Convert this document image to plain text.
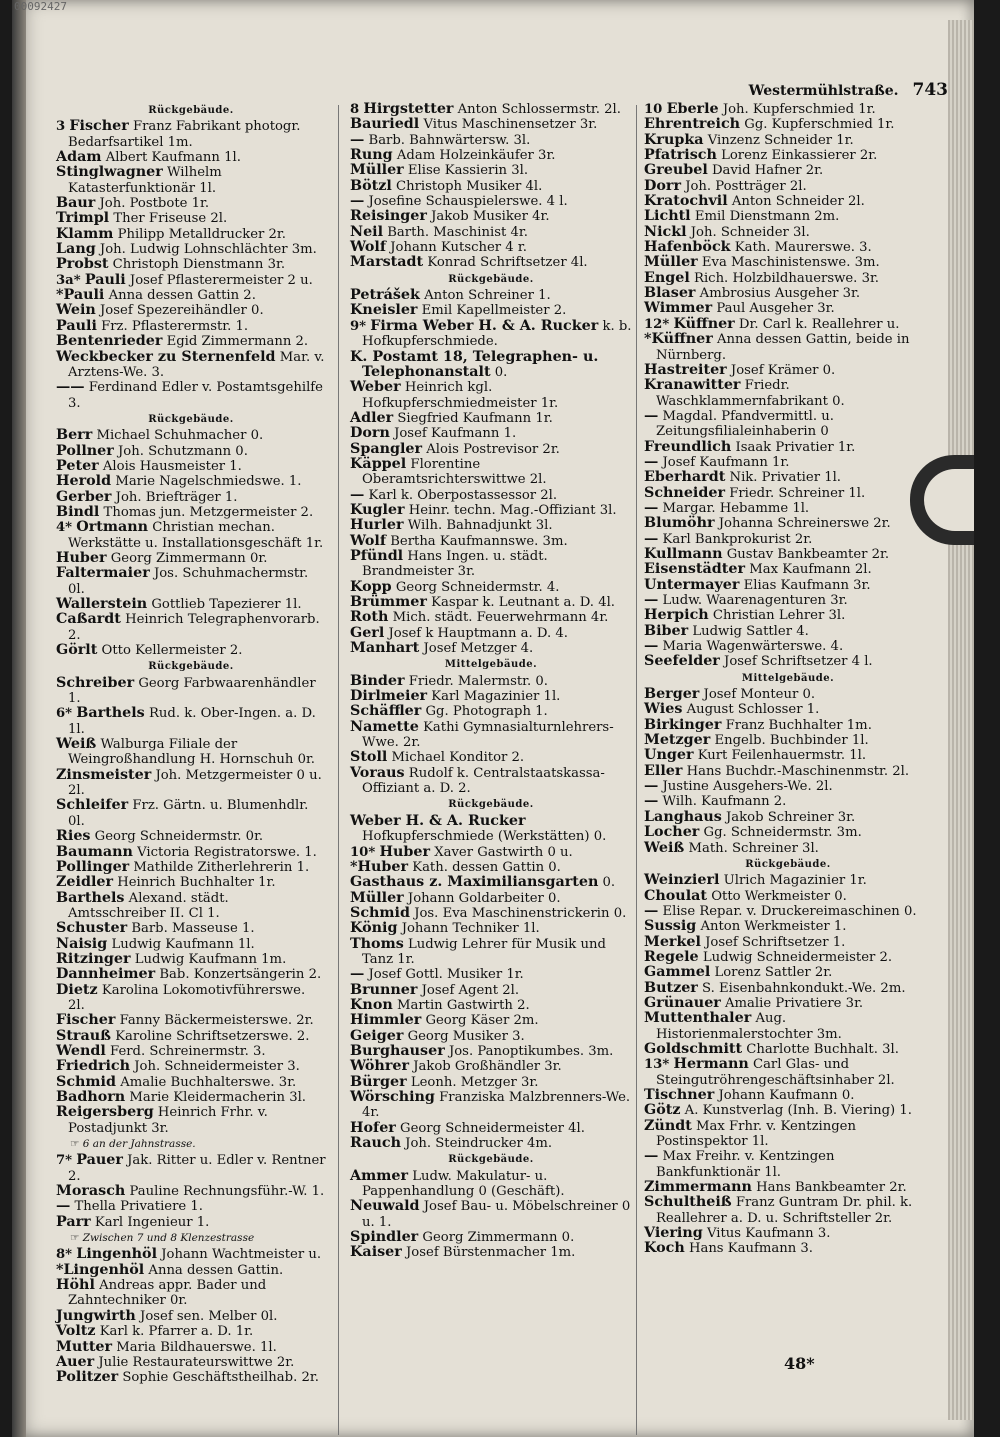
00092427
Westermühlstraße. 743
Rückgebäude.
3 Fischer Franz Fabrikant photogr. Bedarfsartikel 1m.
Adam Albert Kaufmann 1l.
Stinglwagner Wilhelm Katasterfunktionär 1l.
Baur Joh. Postbote 1r.
Trimpl Ther Friseuse 2l.
Klamm Philipp Metalldrucker 2r.
Lang Joh. Ludwig Lohnschlächter 3m.
Probst Christoph Dienstmann 3r.
3a* Pauli Josef Pflasterermeister 2 u.
*Pauli Anna dessen Gattin 2.
Wein Josef Spezereihändler 0.
Pauli Frz. Pflasterermstr. 1.
Bentenrieder Egid Zimmermann 2.
Weckbecker zu Sternenfeld Mar. v. Arztens-We. 3.
—— Ferdinand Edler v. Postamtsgehilfe 3.
Rückgebäude.
Berr Michael Schuhmacher 0.
Pollner Joh. Schutzmann 0.
Peter Alois Hausmeister 1.
Herold Marie Nagelschmiedswe. 1.
Gerber Joh. Briefträger 1.
Bindl Thomas jun. Metzgermeister 2.
4* Ortmann Christian mechan. Werkstätte u. Installationsgeschäft 1r.
Huber Georg Zimmermann 0r.
Faltermaier Jos. Schuhmachermstr. 0l.
Wallerstein Gottlieb Tapezierer 1l.
Caßardt Heinrich Telegraphenvorarb. 2.
Görlt Otto Kellermeister 2.
Rückgebäude.
Schreiber Georg Farbwaarenhändler 1.
6* Barthels Rud. k. Ober-Ingen. a. D. 1l.
Weiß Walburga Filiale der Weingroßhandlung H. Hornschuh 0r.
Zinsmeister Joh. Metzgermeister 0 u. 2l.
Schleifer Frz. Gärtn. u. Blumenhdlr. 0l.
Ries Georg Schneidermstr. 0r.
Baumann Victoria Registratorswe. 1.
Pollinger Mathilde Zitherlehrerin 1.
Zeidler Heinrich Buchhalter 1r.
Barthels Alexand. städt. Amtsschreiber II. Cl 1.
Schuster Barb. Masseuse 1.
Naisig Ludwig Kaufmann 1l.
Ritzinger Ludwig Kaufmann 1m.
Dannheimer Bab. Konzertsängerin 2.
Dietz Karolina Lokomotivführerswe. 2l.
Fischer Fanny Bäckermeisterswe. 2r.
Strauß Karoline Schriftsetzerswe. 2.
Wendl Ferd. Schreinermstr. 3.
Friedrich Joh. Schneidermeister 3.
Schmid Amalie Buchhalterswe. 3r.
Badhorn Marie Kleidermacherin 3l.
Reigersberg Heinrich Frhr. v. Postadjunkt 3r.
☞ 6 an der Jahnstrasse.
7* Pauer Jak. Ritter u. Edler v. Rentner 2.
Morasch Pauline Rechnungsführ.-W. 1.
— Thella Privatiere 1.
Parr Karl Ingenieur 1.
☞ Zwischen 7 und 8 Klenzestrasse
8* Lingenhöl Johann Wachtmeister u.
*Lingenhöl Anna dessen Gattin.
Höhl Andreas appr. Bader und Zahntechniker 0r.
Jungwirth Josef sen. Melber 0l.
Voltz Karl k. Pfarrer a. D. 1r.
Mutter Maria Bildhauerswe. 1l.
Auer Julie Restaurateurswittwe 2r.
Politzer Sophie Geschäftstheilhab. 2r.
8 Hirgstetter Anton Schlossermstr. 2l.
Bauriedl Vitus Maschinensetzer 3r.
— Barb. Bahnwärtersw. 3l.
Rung Adam Holzeinkäufer 3r.
Müller Elise Kassierin 3l.
Bötzl Christoph Musiker 4l.
— Josefine Schauspielerswe. 4 l.
Reisinger Jakob Musiker 4r.
Neil Barth. Maschinist 4r.
Wolf Johann Kutscher 4 r.
Marstadt Konrad Schriftsetzer 4l.
Rückgebäude.
Petrášek Anton Schreiner 1.
Kneisler Emil Kapellmeister 2.
9* Firma Weber H. & A. Rucker k. b. Hofkupferschmiede.
K. Postamt 18, Telegraphen- u. Telephonanstalt 0.
Weber Heinrich kgl. Hofkupferschmiedmeister 1r.
Adler Siegfried Kaufmann 1r.
Dorn Josef Kaufmann 1.
Spangler Alois Postrevisor 2r.
Käppel Florentine Oberamtsrichterswittwe 2l.
— Karl k. Oberpostassessor 2l.
Kugler Heinr. techn. Mag.-Offiziant 3l.
Hurler Wilh. Bahnadjunkt 3l.
Wolf Bertha Kaufmannswe. 3m.
Pfündl Hans Ingen. u. städt. Brandmeister 3r.
Kopp Georg Schneidermstr. 4.
Brümmer Kaspar k. Leutnant a. D. 4l.
Roth Mich. städt. Feuerwehrmann 4r.
Gerl Josef k Hauptmann a. D. 4.
Manhart Josef Metzger 4.
Mittelgebäude.
Binder Friedr. Malermstr. 0.
Dirlmeier Karl Magazinier 1l.
Schäffler Gg. Photograph 1.
Namette Kathi Gymnasialturnlehrers-Wwe. 2r.
Stoll Michael Konditor 2.
Voraus Rudolf k. Centralstaatskassa-Offiziant a. D. 2.
Rückgebäude.
Weber H. & A. Rucker Hofkupferschmiede (Werkstätten) 0.
10* Huber Xaver Gastwirth 0 u.
*Huber Kath. dessen Gattin 0.
Gasthaus z. Maximiliansgarten 0.
Müller Johann Goldarbeiter 0.
Schmid Jos. Eva Maschinenstrickerin 0.
König Johann Techniker 1l.
Thoms Ludwig Lehrer für Musik und Tanz 1r.
— Josef Gottl. Musiker 1r.
Brunner Josef Agent 2l.
Knon Martin Gastwirth 2.
Himmler Georg Käser 2m.
Geiger Georg Musiker 3.
Burghauser Jos. Panoptikumbes. 3m.
Wöhrer Jakob Großhändler 3r.
Bürger Leonh. Metzger 3r.
Wörsching Franziska Malzbrenners-We. 4r.
Hofer Georg Schneidermeister 4l.
Rauch Joh. Steindrucker 4m.
Rückgebäude.
Ammer Ludw. Makulatur- u. Pappenhandlung 0 (Geschäft).
Neuwald Josef Bau- u. Möbelschreiner 0 u. 1.
Spindler Georg Zimmermann 0.
Kaiser Josef Bürstenmacher 1m.
10 Eberle Joh. Kupferschmied 1r.
Ehrentreich Gg. Kupferschmied 1r.
Krupka Vinzenz Schneider 1r.
Pfatrisch Lorenz Einkassierer 2r.
Greubel David Hafner 2r.
Dorr Joh. Postträger 2l.
Kratochvil Anton Schneider 2l.
Lichtl Emil Dienstmann 2m.
Nickl Joh. Schneider 3l.
Hafenböck Kath. Maurerswe. 3.
Müller Eva Maschinistenswe. 3m.
Engel Rich. Holzbildhauerswe. 3r.
Blaser Ambrosius Ausgeher 3r.
Wimmer Paul Ausgeher 3r.
12* Küffner Dr. Carl k. Reallehrer u.
*Küffner Anna dessen Gattin, beide in Nürnberg.
Hastreiter Josef Krämer 0.
Kranawitter Friedr. Waschklammernfabrikant 0.
— Magdal. Pfandvermittl. u. Zeitungsfilialeinhaberin 0
Freundlich Isaak Privatier 1r.
— Josef Kaufmann 1r.
Eberhardt Nik. Privatier 1l.
Schneider Friedr. Schreiner 1l.
— Margar. Hebamme 1l.
Blumöhr Johanna Schreinerswe 2r.
— Karl Bankprokurist 2r.
Kullmann Gustav Bankbeamter 2r.
Eisenstädter Max Kaufmann 2l.
Untermayer Elias Kaufmann 3r.
— Ludw. Waarenagenturen 3r.
Herpich Christian Lehrer 3l.
Biber Ludwig Sattler 4.
— Maria Wagenwärterswe. 4.
Seefelder Josef Schriftsetzer 4 l.
Mittelgebäude.
Berger Josef Monteur 0.
Wies August Schlosser 1.
Birkinger Franz Buchhalter 1m.
Metzger Engelb. Buchbinder 1l.
Unger Kurt Feilenhauermstr. 1l.
Eller Hans Buchdr.-Maschinenmstr. 2l.
— Justine Ausgehers-We. 2l.
— Wilh. Kaufmann 2.
Langhaus Jakob Schreiner 3r.
Locher Gg. Schneidermstr. 3m.
Weiß Math. Schreiner 3l.
Rückgebäude.
Weinzierl Ulrich Magazinier 1r.
Choulat Otto Werkmeister 0.
— Elise Repar. v. Druckereimaschinen 0.
Sussig Anton Werkmeister 1.
Merkel Josef Schriftsetzer 1.
Regele Ludwig Schneidermeister 2.
Gammel Lorenz Sattler 2r.
Butzer S. Eisenbahnkondukt.-We. 2m.
Grünauer Amalie Privatiere 3r.
Muttenthaler Aug. Historienmalerstochter 3m.
Goldschmitt Charlotte Buchhalt. 3l.
13* Hermann Carl Glas- und Steingutröhrengeschäftsinhaber 2l.
Tischner Johann Kaufmann 0.
Götz A. Kunstverlag (Inh. B. Viering) 1.
Zündt Max Frhr. v. Kentzingen Postinspektor 1l.
— Max Freihr. v. Kentzingen Bankfunktionär 1l.
Zimmermann Hans Bankbeamter 2r.
Schultheiß Franz Guntram Dr. phil. k. Reallehrer a. D. u. Schriftsteller 2r.
Viering Vitus Kaufmann 3.
Koch Hans Kaufmann 3.
48*
